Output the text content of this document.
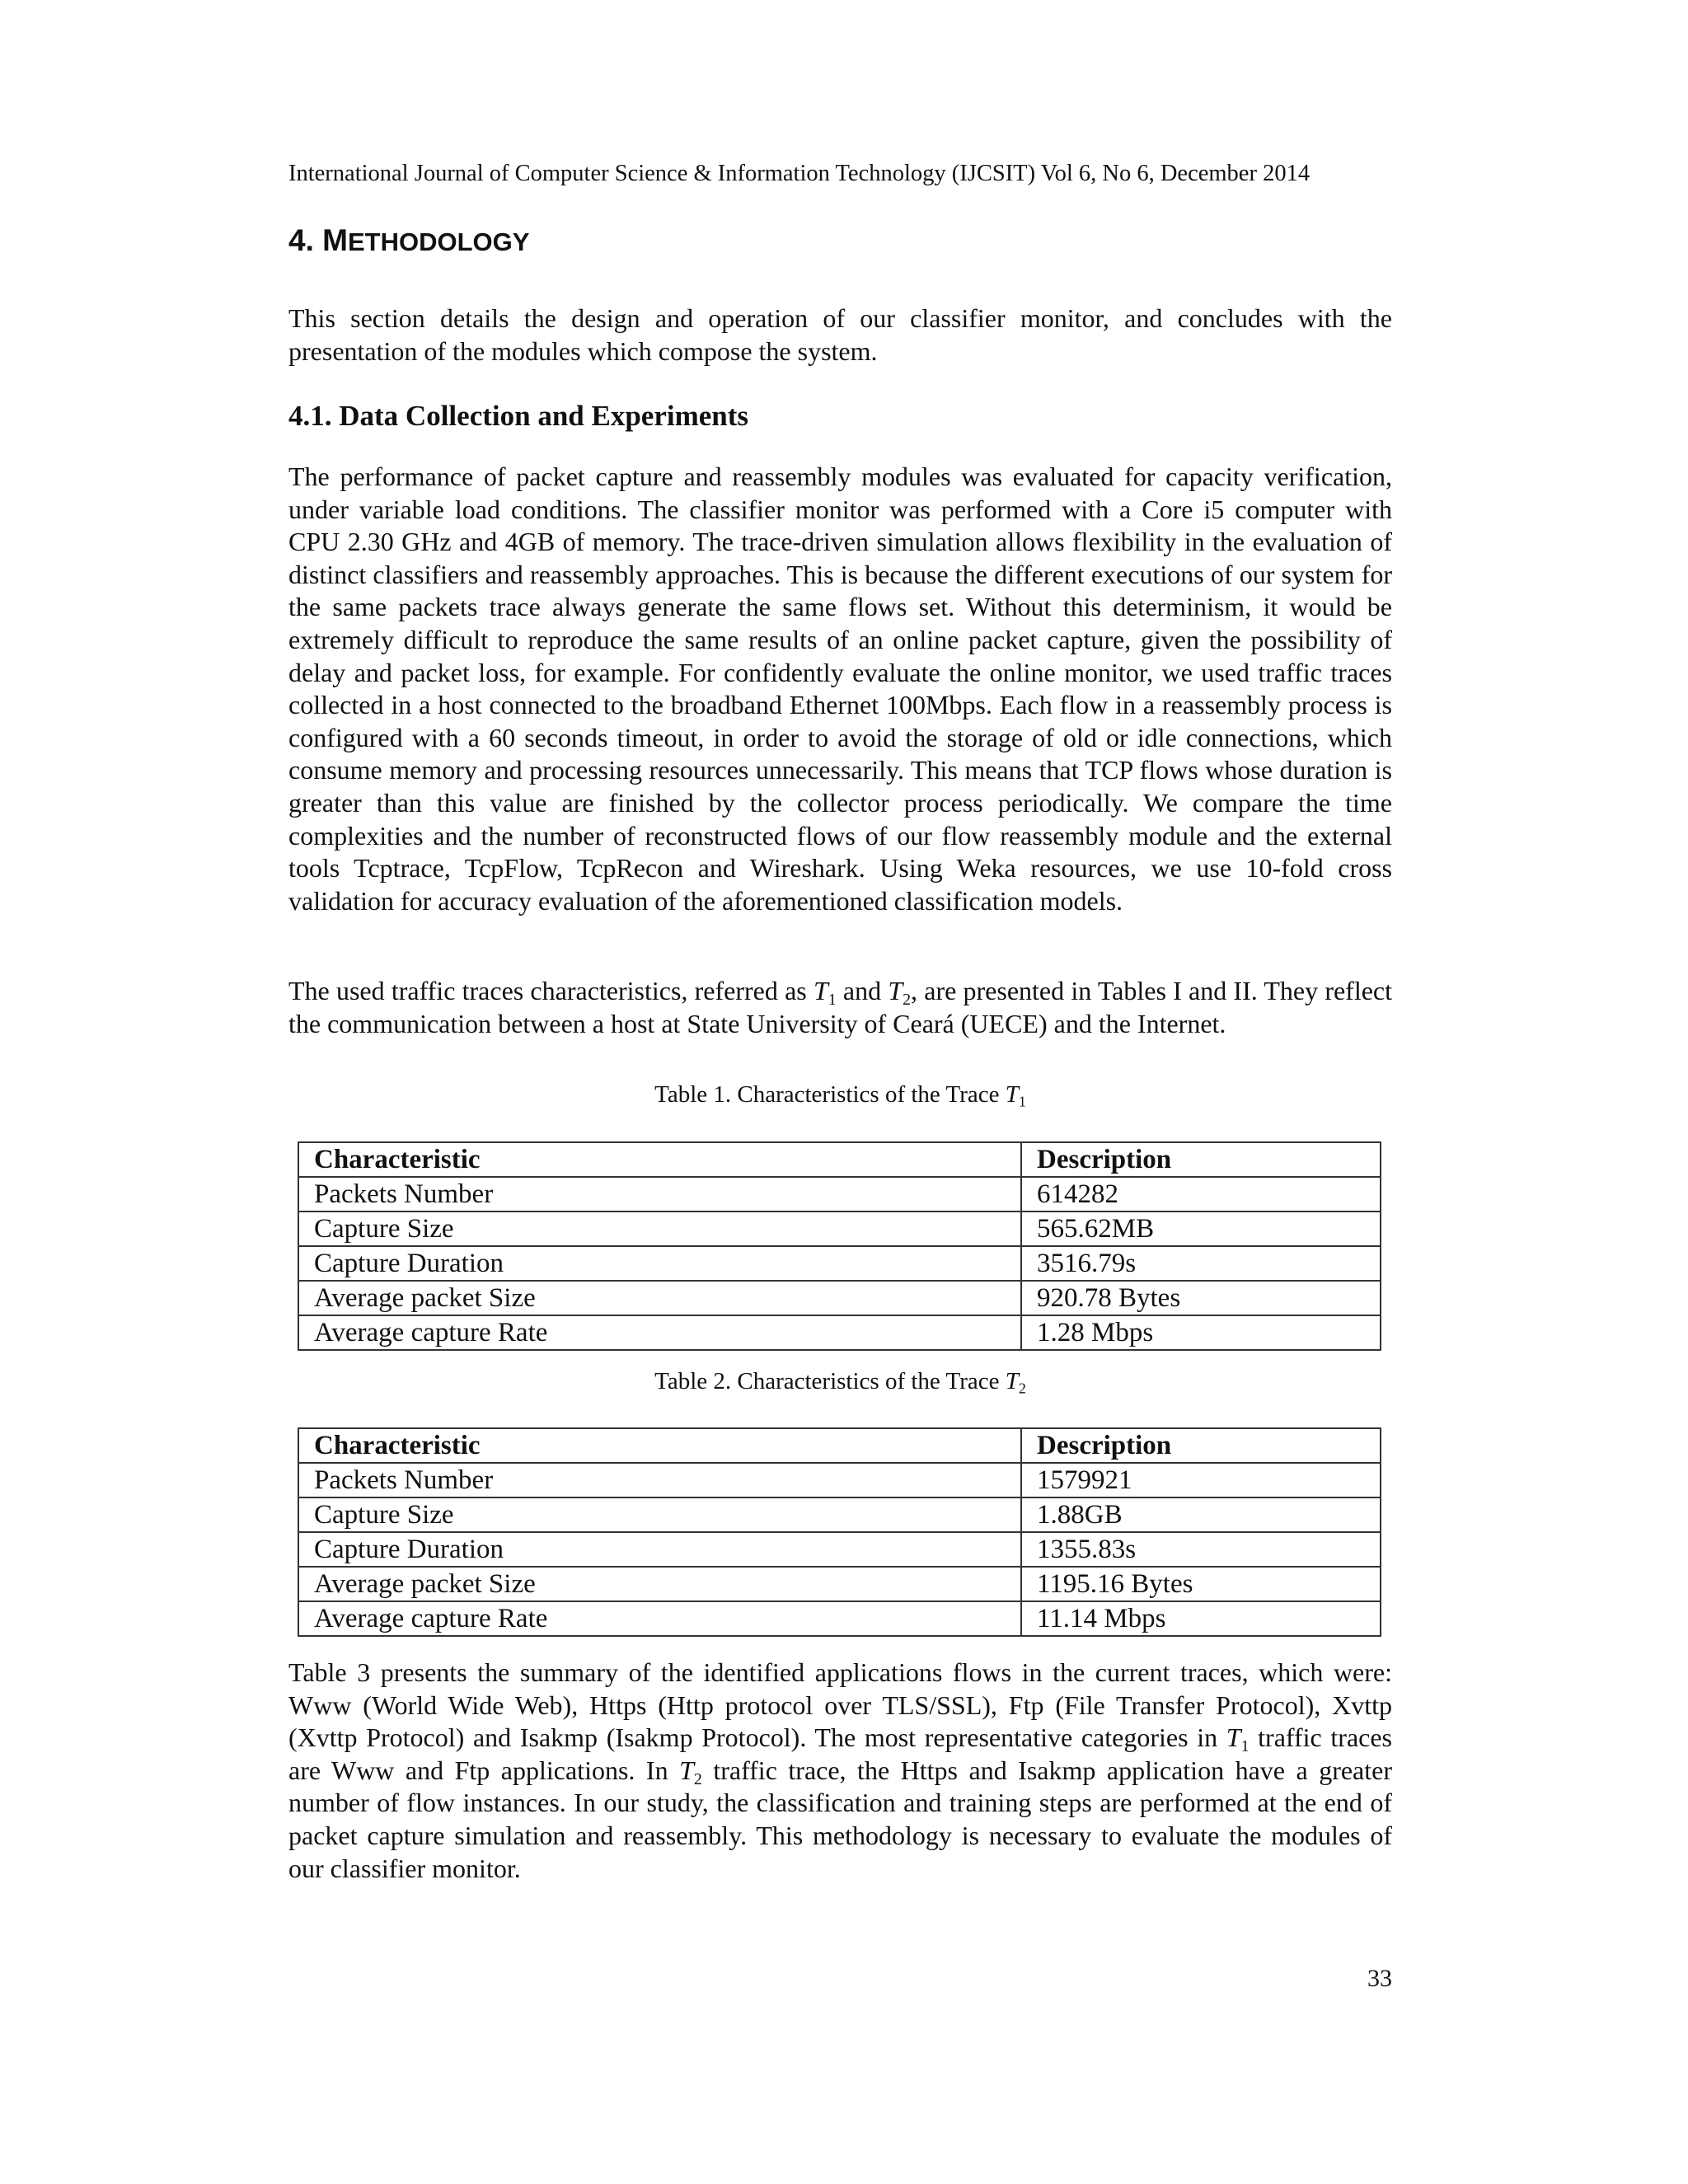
International Journal of Computer Science & Information Technology (IJCSIT) Vol 6, No 6, December 2014
4. METHODOLOGY

This section details the design and operation of our classifier monitor, and concludes with the presentation of the modules which compose the system.

4.1. Data Collection and Experiments

The performance of packet capture and reassembly modules was evaluated for capacity verification, under variable load conditions. The classifier monitor was performed with a Core i5 computer with CPU 2.30 GHz and 4GB of memory. The trace-driven simulation allows flexibility in the evaluation of distinct classifiers and reassembly approaches. This is because the different executions of our system for the same packets trace always generate the same flows set. Without this determinism, it would be extremely difficult to reproduce the same results of an online packet capture, given the possibility of delay and packet loss, for example. For confidently evaluate the online monitor, we used traffic traces collected in a host connected to the broadband Ethernet 100Mbps. Each flow in a reassembly process is configured with a 60 seconds timeout, in order to avoid the storage of old or idle connections, which consume memory and processing resources unnecessarily. This means that TCP flows whose duration is greater than this value are finished by the collector process periodically. We compare the time complexities and the number of reconstructed flows of our flow reassembly module and the external tools Tcptrace, TcpFlow, TcpRecon and Wireshark. Using Weka resources, we use 10-fold cross validation for accuracy evaluation of the aforementioned classification models.

The used traffic traces characteristics, referred as $T_1$ and $T_2$, are presented in Tables I and II. They reflect the communication between a host at State University of Ceará (UECE) and the Internet.

Table 1. Characteristics of the Trace $T_1$
Characteristic	Description
Packets Number	614282
Capture Size	565.62MB
Capture Duration	3516.79s
Average packet Size	920.78 Bytes
Average capture Rate	1.28 Mbps
Table 2. Characteristics of the Trace $T_2$
Characteristic	Description
Packets Number	1579921
Capture Size	1.88GB
Capture Duration	1355.83s
Average packet Size	1195.16 Bytes
Average capture Rate	11.14 Mbps

Table 3 presents the summary of the identified applications flows in the current traces, which were: Www (World Wide Web), Https (Http protocol over TLS/SSL), Ftp (File Transfer Protocol), Xvttp (Xvttp Protocol) and Isakmp (Isakmp Protocol). The most representative categories in $T_1$ traffic traces are Www and Ftp applications. In $T_2$ traffic trace, the Https and Isakmp application have a greater number of flow instances. In our study, the classification and training steps are performed at the end of packet capture simulation and reassembly. This methodology is necessary to evaluate the modules of our classifier monitor.

33
